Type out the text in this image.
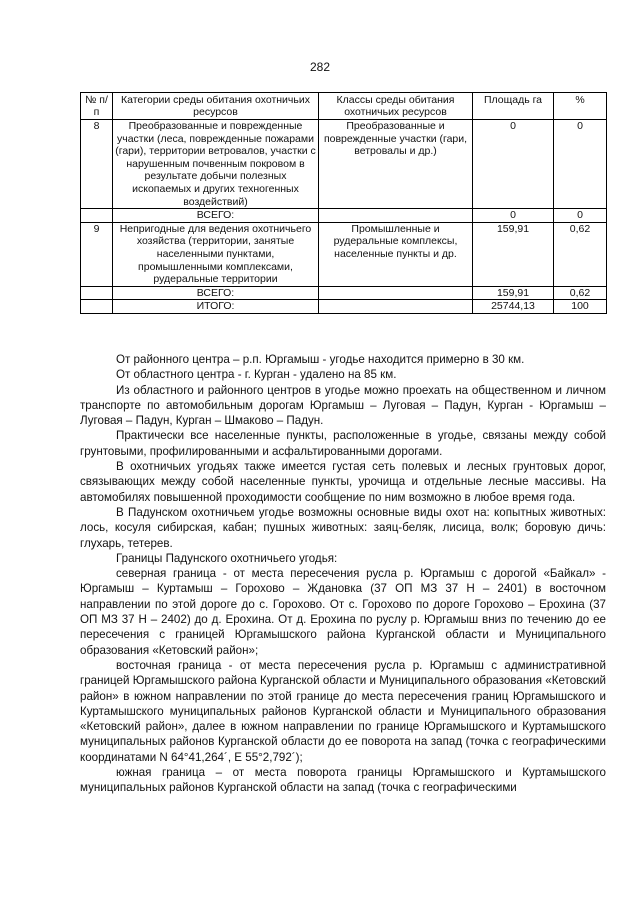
282
№ п/п	Категории среды обитания охотничьих ресурсов	Классы среды обитания охотничьих ресурсов	Площадь га	%
8	Преобразованные и поврежденные участки (леса, поврежденные пожарами (гари), территории ветровалов, участки с нарушенным почвенным покровом в результате добычи полезных ископаемых и других техногенных воздействий)	Преобразованные и поврежденные участки (гари, ветровалы и др.)	0	0
	ВСЕГО:		0	0
9	Непригодные для ведения охотничьего хозяйства (территории, занятые населенными пунктами, промышленными комплексами, рудеральные территории	Промышленные и рудеральные комплексы, населенные пункты и др.	159,91	0,62
	ВСЕГО:		159,91	0,62
	ИТОГО:		25744,13	100

От районного центра – р.п. Юргамыш - угодье находится примерно в 30 км.

От областного центра - г. Курган - удалено на 85 км.

Из областного и районного центров в угодье можно проехать на общественном и личном транспорте по автомобильным дорогам Юргамыш – Луговая – Падун, Курган - Юргамыш – Луговая – Падун, Курган – Шмаково – Падун.

Практически все населенные пункты, расположенные в угодье, связаны между собой грунтовыми, профилированными и асфальтированными дорогами.

В охотничьих угодьях также имеется густая сеть полевых и лесных грунтовых дорог, связывающих между собой населенные пункты, урочища и отдельные лесные массивы. На автомобилях повышенной проходимости сообщение по ним возможно в любое время года.

В Падунском охотничьем угодье возможны основные виды охот на: копытных животных: лось, косуля сибирская, кабан; пушных животных: заяц-беляк, лисица, волк; боровую дичь: глухарь, тетерев.

Границы Падунского охотничьего угодья:

северная граница - от места пересечения русла р. Юргамыш с дорогой «Байкал» - Юргамыш – Куртамыш – Горохово – Ждановка (37 ОП МЗ 37 Н – 2401) в восточном направлении по этой дороге до с. Горохово. От с. Горохово по дороге Горохово – Ерохина (37 ОП МЗ 37 Н – 2402) до д. Ерохина. От д. Ерохина по руслу р. Юргамыш вниз по течению до ее пересечения с границей Юргамышского района Курганской области и Муниципального образования «Кетовский район»;

восточная граница - от места пересечения русла р. Юргамыш с административной границей Юргамышского района Курганской области и Муниципального образования «Кетовский район» в южном направлении по этой границе до места пересечения границ Юргамышского и Куртамышского муниципальных районов Курганской области и Муниципального образования «Кетовский район», далее в южном направлении по границе Юргамышского и Куртамышского муниципальных районов Курганской области до ее поворота на запад (точка с географическими координатами N 64°41,264´, E 55°2,792´);

южная граница – от места поворота границы Юргамышского и Куртамышского муниципальных районов Курганской области на запад (точка с географическими
